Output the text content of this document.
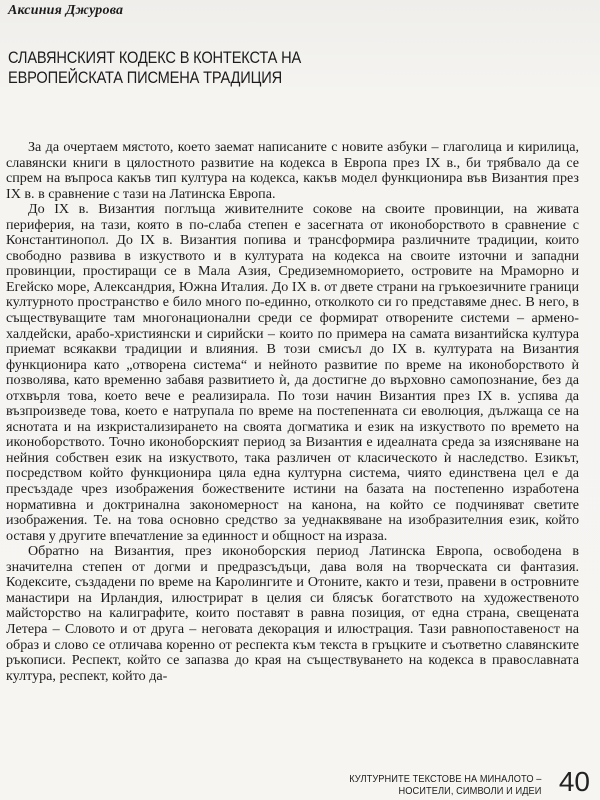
Аксиния Джурова
СЛАВЯНСКИЯТ КОДЕКС В КОНТЕКСТА НА
ЕВРОПЕЙСКАТА ПИСМЕНА ТРАДИЦИЯ

За да очертаем мястото, което заемат написаните с новите азбуки – глаголица и кирилица, славянски книги в цялостното развитие на кодекса в Европа през IX в., би трябвало да се спрем на въпроса какъв тип култура на кодекса, какъв модел функционира във Византия през IX в. в сравнение с тази на Латинска Европа.

До IX в. Византия поглъща живителните сокове на своите провинции, на живата периферия, на тази, която в по-слаба степен е засегната от иконоборството в сравнение с Константинопол. До IX в. Византия попива и трансформира различните традиции, които свободно развива в изкуството и в културата на кодекса на своите източни и западни провинции, простиращи се в Мала Азия, Средиземноморието, островите на Мраморно и Егейско море, Александрия, Южна Италия. До IX в. от двете страни на гръкоезичните граници културното пространство е било много по-единно, отколкото си го представяме днес. В него, в съществуващите там многонационални среди се формират отворените системи – армено-халдейски, арабо-християнски и сирийски – които по примера на самата византийска култура приемат всякакви традиции и влияния. В този смисъл до IX в. културата на Византия функционира като „отворена система“ и нейното развитие по време на иконоборството ѝ позволява, като временно забавя развитието ѝ, да достигне до върховно самопознание, без да отхвърля това, което вече е реализирала. По този начин Византия през IX в. успява да възпроизведе това, което е натрупала по време на постепенната си еволюция, дължаща се на яснотата и на изкристализирането на своята догматика и език на изкуството по времето на иконоборството. Точно иконоборският период за Византия е идеалната среда за изясняване на нейния собствен език на изкуството, така различен от класическото ѝ наследство. Езикът, посредством който функционира цяла една културна система, чиято единствена цел е да пресъздаде чрез изображения божествените истини на базата на постепенно изработена нормативна и доктринална закономерност на канона, на който се подчиняват светите изображения. Те. на това основно средство за уеднаквяване на изобразителния език, който оставя у другите впечатление за единност и общност на израза.

Обратно на Византия, през иконоборския период Латинска Европа, освободена в значителна степен от догми и предразсъдъци, дава воля на творческата си фантазия. Кодексите, създадени по време на Каролингите и Отоните, както и тези, правени в островните манастири на Ирландия, илюстрират в целия си блясък богатството на художественото майсторство на калиграфите, които поставят в равна позиция, от една страна, свещената Летера – Словото и от друга – неговата декорация и илюстрация. Тази равнопоставеност на образ и слово се отличава коренно от респекта към текста в гръцките и съответно славянските ръкописи. Респект, който се запазва до края на съществуването на кодекса в православната култура, респект, който да-

КУЛТУРНИТЕ ТЕКСТОВЕ НА МИНАЛОТО –
НОСИТЕЛИ, СИМВОЛИ И ИДЕИ 40
